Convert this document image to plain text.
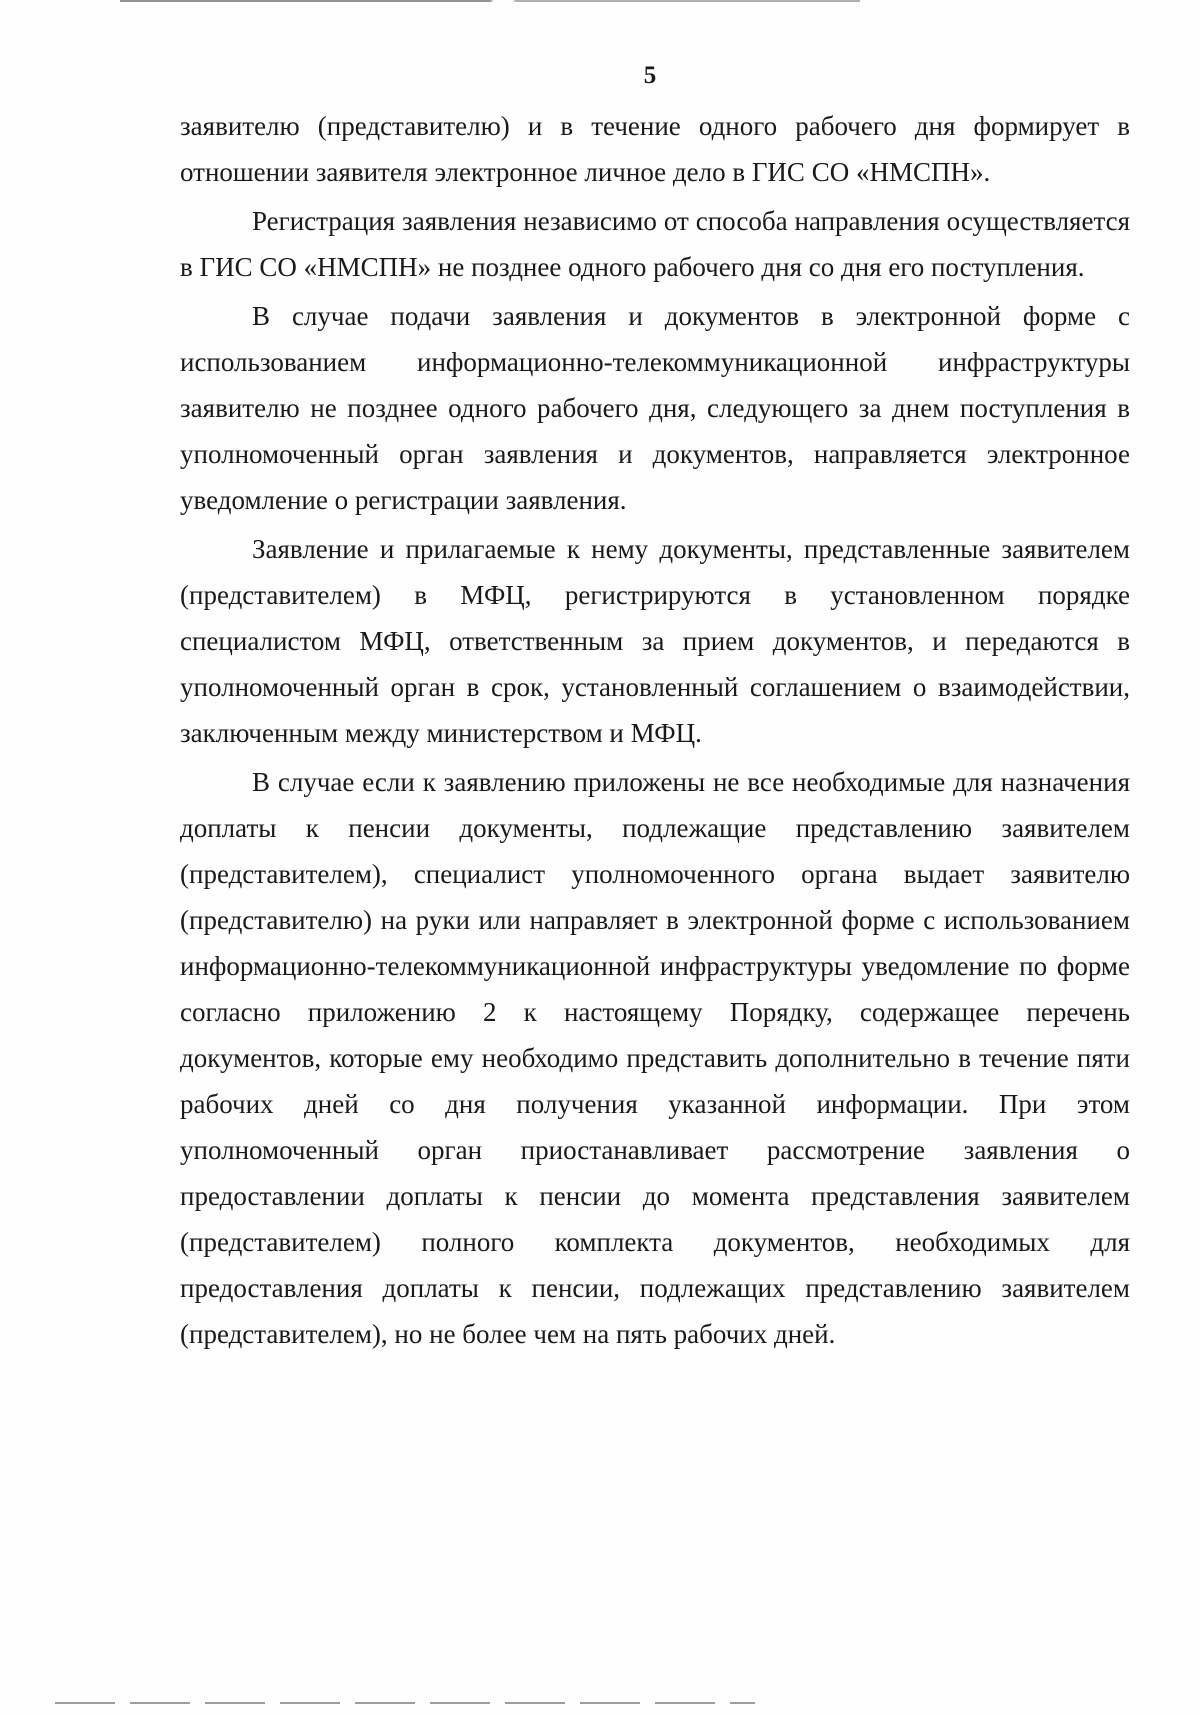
5

заявителю (представителю) и в течение одного рабочего дня формирует в отношении заявителя электронное личное дело в ГИС СО «НМСПН».

Регистрация заявления независимо от способа направления осуществляется в ГИС СО «НМСПН» не позднее одного рабочего дня со дня его поступления.

В случае подачи заявления и документов в электронной форме с использованием информационно-телекоммуникационной инфраструктуры заявителю не позднее одного рабочего дня, следующего за днем поступления в уполномоченный орган заявления и документов, направляется электронное уведомление о регистрации заявления.

Заявление и прилагаемые к нему документы, представленные заявителем (представителем) в МФЦ, регистрируются в установленном порядке специалистом МФЦ, ответственным за прием документов, и передаются в уполномоченный орган в срок, установленный соглашением о взаимодействии, заключенным между министерством и МФЦ.

В случае если к заявлению приложены не все необходимые для назначения доплаты к пенсии документы, подлежащие представлению заявителем (представителем), специалист уполномоченного органа выдает заявителю (представителю) на руки или направляет в электронной форме с использованием информационно-телекоммуникационной инфраструктуры уведомление по форме согласно приложению 2 к настоящему Порядку, содержащее перечень документов, которые ему необходимо представить дополнительно в течение пяти рабочих дней со дня получения указанной информации. При этом уполномоченный орган приостанавливает рассмотрение заявления о предоставлении доплаты к пенсии до момента представления заявителем (представителем) полного комплекта документов, необходимых для предоставления доплаты к пенсии, подлежащих представлению заявителем (представителем), но не более чем на пять рабочих дней.
